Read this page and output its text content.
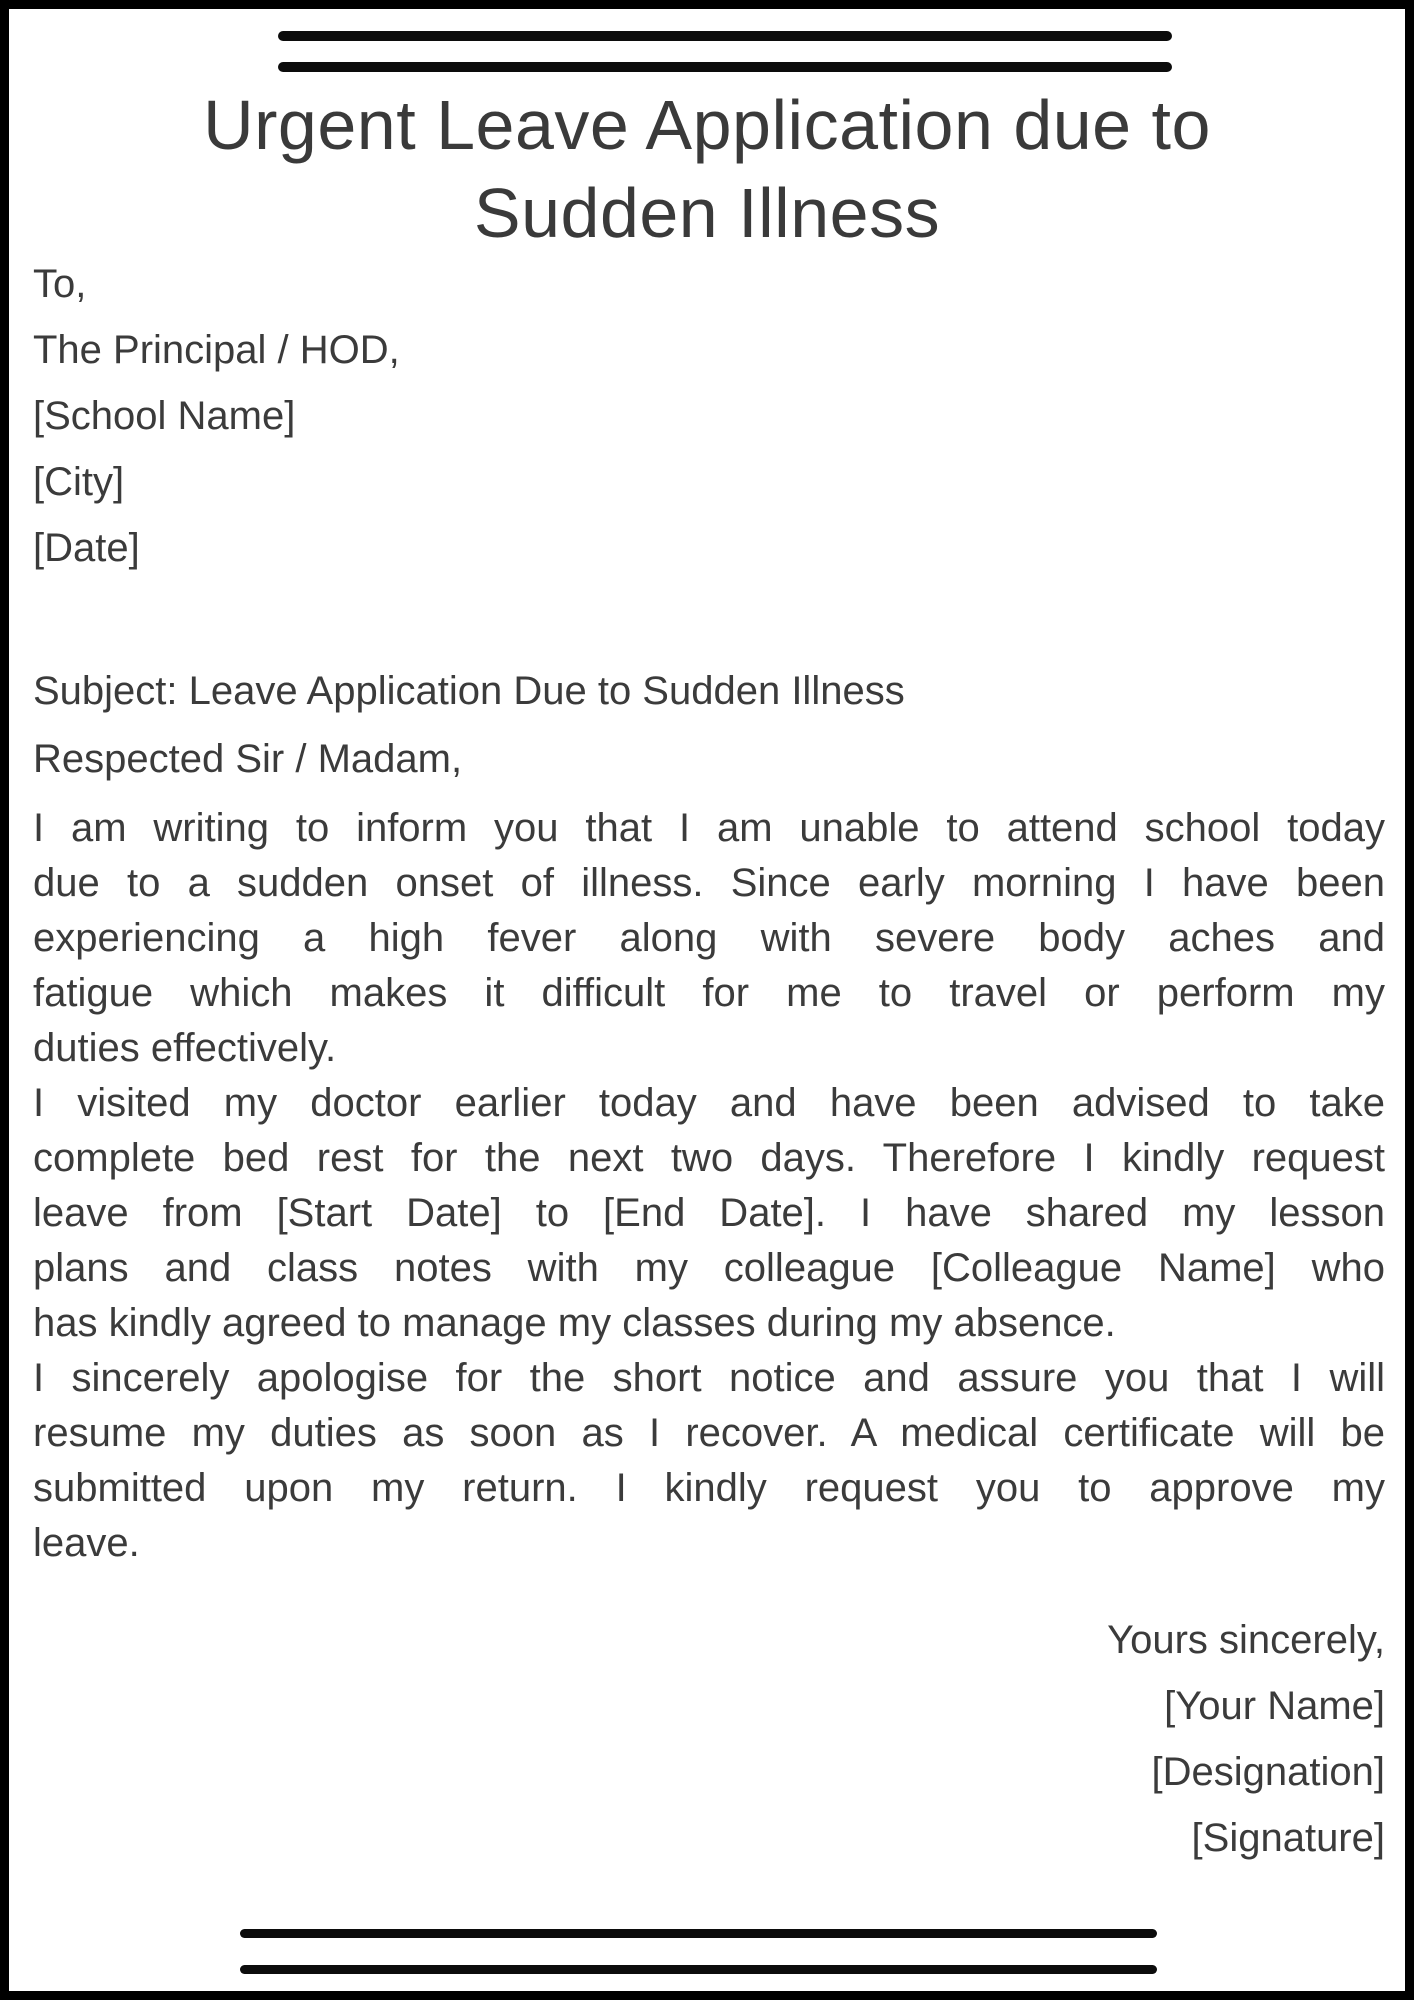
Urgent Leave Application due to
Sudden Illness
To,
The Principal / HOD,
[School Name]
[City]
[Date]
Subject: Leave Application Due to Sudden Illness
Respected Sir / Madam,
I am writing to inform you that I am unable to attend school today
due to a sudden onset of illness. Since early morning I have been
experiencing a high fever along with severe body aches and
fatigue which makes it difficult for me to travel or perform my
duties effectively.
I visited my doctor earlier today and have been advised to take
complete bed rest for the next two days. Therefore I kindly request
leave from [Start Date] to [End Date]. I have shared my lesson
plans and class notes with my colleague [Colleague Name] who
has kindly agreed to manage my classes during my absence.
I sincerely apologise for the short notice and assure you that I will
resume my duties as soon as I recover. A medical certificate will be
submitted upon my return. I kindly request you to approve my
leave.
Yours sincerely,
[Your Name]
[Designation]
[Signature]
